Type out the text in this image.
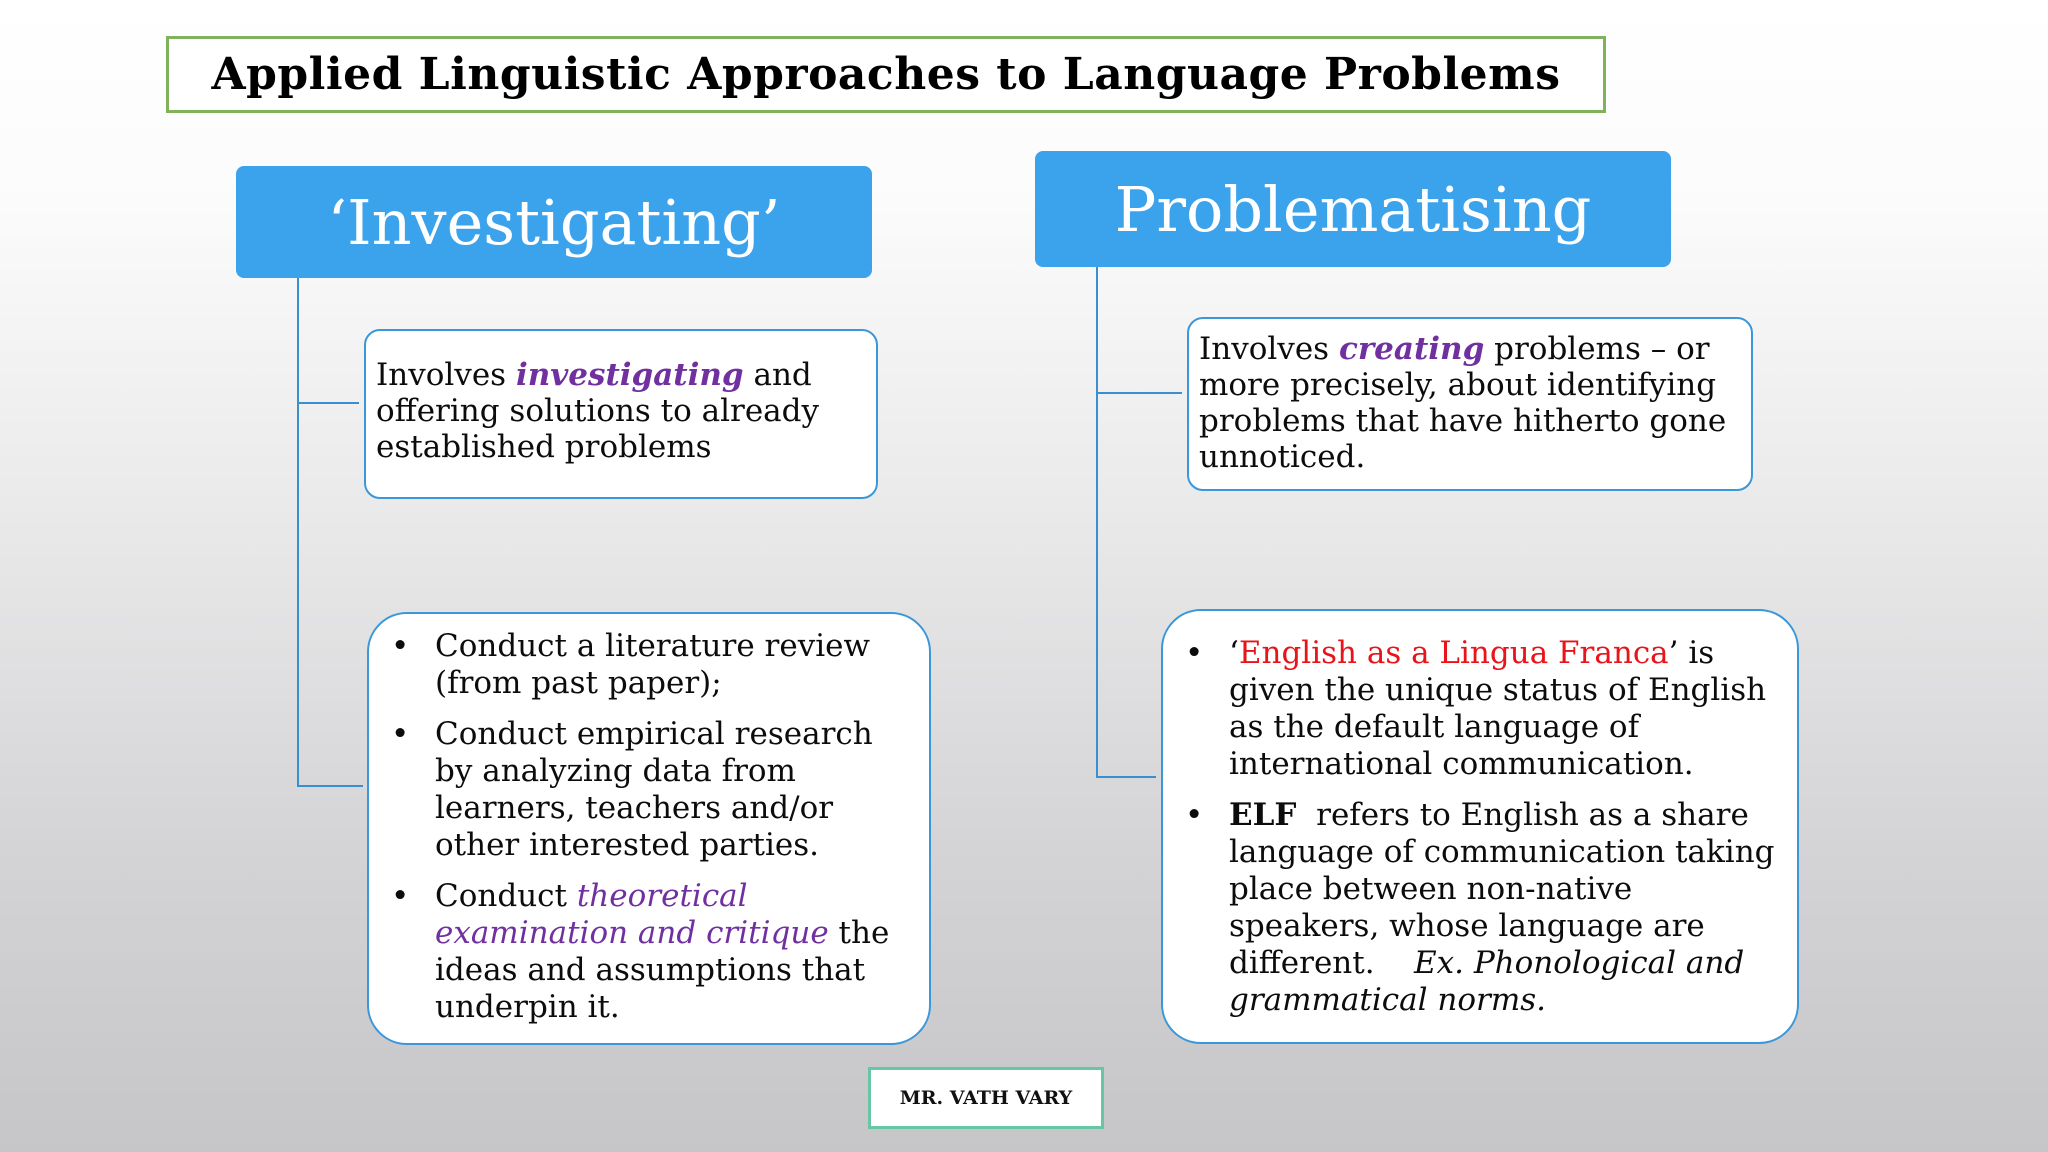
Applied Linguistic Approaches to Language Problems
‘Investigating’	Problematising
Involves investigating and offering solutions to already established problems
Involves creating problems – or more precisely, about identifying problems that have hitherto gone unnoticed.
• Conduct a literature review (from past paper);
• Conduct empirical research by analyzing data from learners, teachers and/or other interested parties.
• Conduct theoretical examination and critique the ideas and assumptions that underpin it.
• ‘English as a Lingua Franca’ is given the unique status of English as the default language of international communication.
• ELF  refers to English as a share language of communication taking place between non-native speakers, whose language are different. Ex. Phonological and grammatical norms.
MR. VATH VARY
